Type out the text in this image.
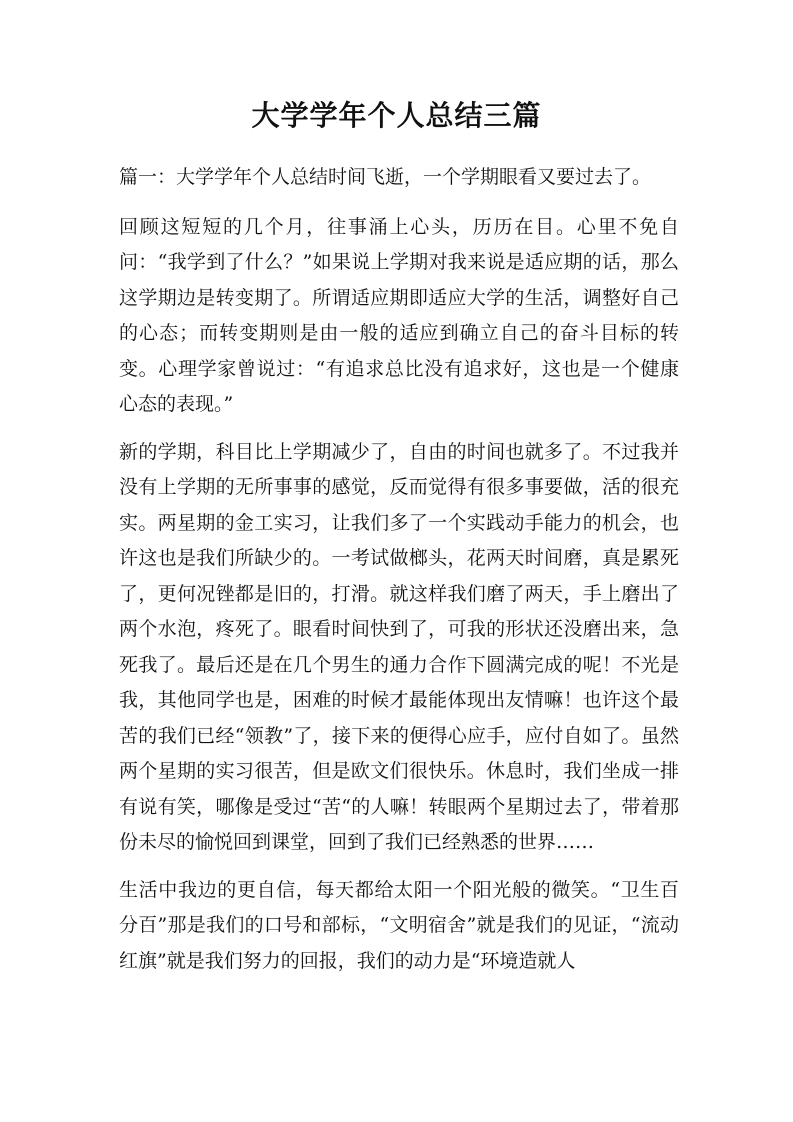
大学学年个人总结三篇

篇一：大学学年个人总结时间飞逝，一个学期眼看又要过去了。

回顾这短短的几个月，往事涌上心头，历历在目。心里不免自问：“我学到了什么？”如果说上学期对我来说是适应期的话，那么这学期边是转变期了。所谓适应期即适应大学的生活，调整好自己的心态；而转变期则是由一般的适应到确立自己的奋斗目标的转变。心理学家曾说过：“有追求总比没有追求好，这也是一个健康心态的表现。”

新的学期，科目比上学期减少了，自由的时间也就多了。不过我并没有上学期的无所事事的感觉，反而觉得有很多事要做，活的很充实。两星期的金工实习，让我们多了一个实践动手能力的机会，也许这也是我们所缺少的。一考试做榔头，花两天时间磨，真是累死了，更何况锉都是旧的，打滑。就这样我们磨了两天，手上磨出了两个水泡，疼死了。眼看时间快到了，可我的形状还没磨出来，急死我了。最后还是在几个男生的通力合作下圆满完成的呢！不光是我，其他同学也是，困难的时候才最能体现出友情嘛！也许这个最苦的我们已经“领教”了，接下来的便得心应手，应付自如了。虽然两个星期的实习很苦，但是欧文们很快乐。休息时，我们坐成一排有说有笑，哪像是受过“苦“的人嘛！转眼两个星期过去了，带着那份未尽的愉悦回到课堂，回到了我们已经熟悉的世界……

生活中我边的更自信，每天都给太阳一个阳光般的微笑。“卫生百分百”那是我们的口号和部标，“文明宿舍”就是我们的见证，“流动红旗”就是我们努力的回报，我们的动力是“环境造就人
